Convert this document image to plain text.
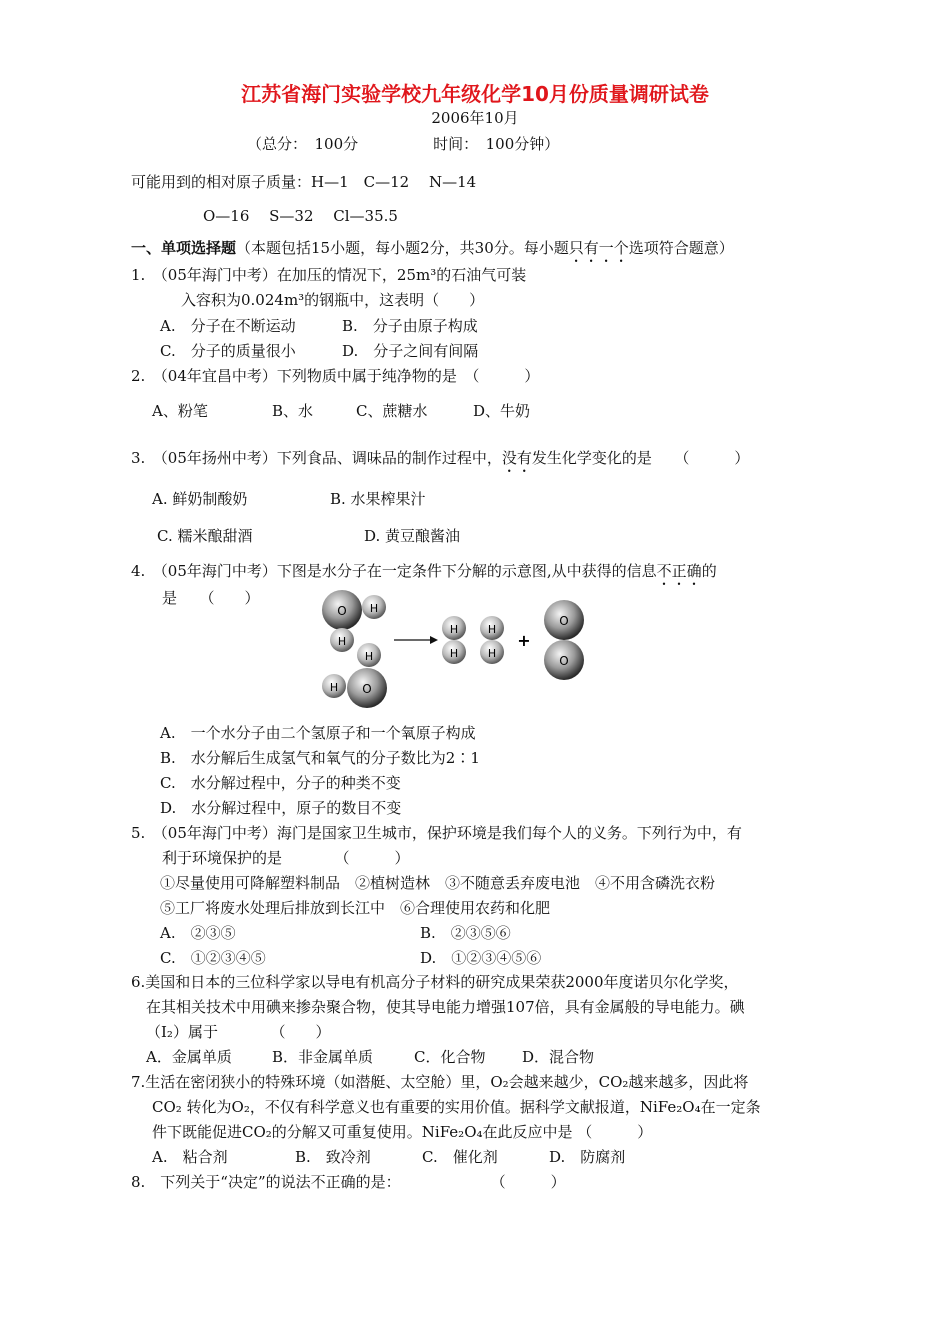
江苏省海门实验学校九年级化学10月份质量调研试卷
2006年10月
（总分：　100分　　　　　时间：　100分钟）
可能用到的相对原子质量：H—1　C—12　 N—14
O—16　 S—32　 Cl—35.5
一、单项选择题（本题包括15小题，每小题2分，共30分。每小题只有一个选项符合题意）
1.　（05年海门中考）在加压的情况下，25m³的石油气可装
入容积为0.024m³的钢瓶中，这表明（　　）
A.　分子在不断运动	B.　分子由原子构成
C.　分子的质量很小	D.　分子之间有间隔
2.　（04年宜昌中考）下列物质中属于纯净物的是　（　　　）
A、粉笔	B、水	C、蔗糖水	D、牛奶
3.　（05年扬州中考）下列食品、调味品的制作过程中，没有发生化学变化的是　　（　　　）
A. 鲜奶制酸奶	B. 水果榨果汁
C. 糯米酿甜酒	D. 黄豆酿酱油
4.　（05年海门中考）下图是水分子在一定条件下分解的示意图,从中获得的信息不正确的
是　　（　　）
O H
H
H
H O
H
H
H
H
+
O
O
A.　一个水分子由二个氢原子和一个氧原子构成
B.　水分解后生成氢气和氧气的分子数比为2∶1
C.　水分解过程中，分子的种类不变
D.　水分解过程中，原子的数目不变
5.　（05年海门中考）海门是国家卫生城市，保护环境是我们每个人的义务。下列行为中，有
利于环境保护的是　　　　（　　　）
①尽量使用可降解塑料制品　②植树造林　③不随意丢弃废电池　④不用含磷洗衣粉
⑤工厂将废水处理后排放到长江中　⑥合理使用农药和化肥
A.　②③⑤	B.　②③⑤⑥
C.　①②③④⑤	D.　①②③④⑤⑥
6.美国和日本的三位科学家以导电有机高分子材料的研究成果荣获2000年度诺贝尔化学奖，
在其相关技术中用碘来掺杂聚合物，使其导电能力增强107倍，具有金属般的导电能力。碘
（I₂）属于　　　　（　　）
A．金属单质	B．非金属单质	C．化合物 D．混合物
7.生活在密闭狭小的特殊环境（如潜艇、太空舱）里，O₂会越来越少，CO₂越来越多，因此将
CO₂ 转化为O₂，不仅有科学意义也有重要的实用价值。据科学文献报道，NiFe₂O₄在一定条
件下既能促进CO₂的分解又可重复使用。NiFe₂O₄在此反应中是 （　　　）
A.　粘合剂	B.　致冷剂	C.　催化剂	D.　防腐剂
8.　下列关于“决定”的说法不正确的是：　　　　　　　（　　　）
